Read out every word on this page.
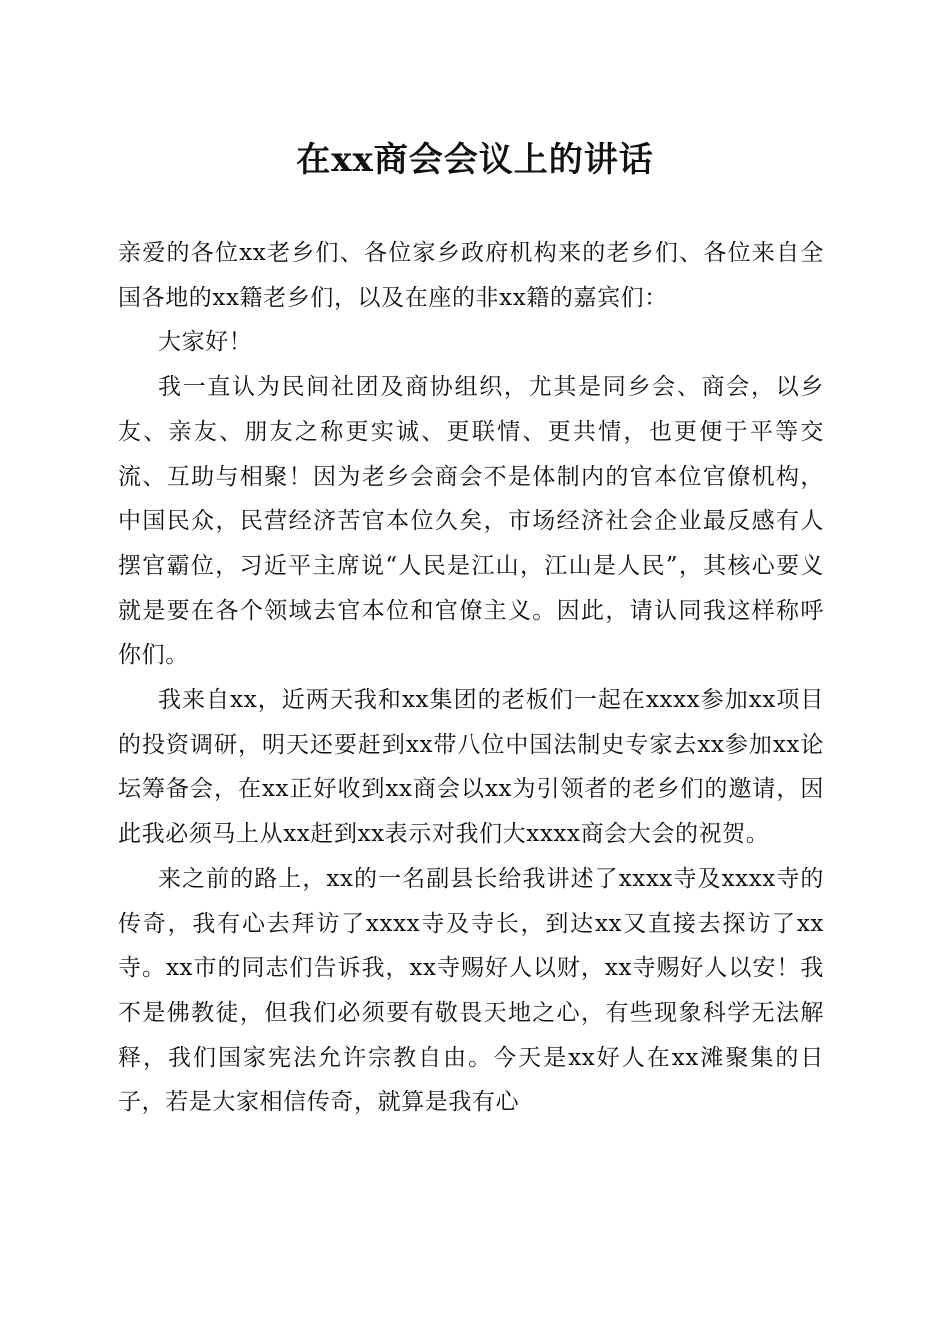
在xx商会会议上的讲话

亲爱的各位xx老乡们、各位家乡政府机构来的老乡们、各位来自全国各地的xx籍老乡们，以及在座的非xx籍的嘉宾们：

大家好！

我一直认为民间社团及商协组织，尤其是同乡会、商会，以乡友、亲友、朋友之称更实诚、更联情、更共情，也更便于平等交流、互助与相聚！因为老乡会商会不是体制内的官本位官僚机构，中国民众，民营经济苦官本位久矣，市场经济社会企业最反感有人摆官霸位，习近平主席说“人民是江山，江山是人民”，其核心要义就是要在各个领域去官本位和官僚主义。因此，请认同我这样称呼你们。

我来自xx，近两天我和xx集团的老板们一起在xxxx参加xx项目的投资调研，明天还要赶到xx带八位中国法制史专家去xx参加xx论坛筹备会，在xx正好收到xx商会以xx为引领者的老乡们的邀请，因此我必须马上从xx赶到xx表示对我们大xxxx商会大会的祝贺。

来之前的路上，xx的一名副县长给我讲述了xxxx寺及xxxx寺的传奇，我有心去拜访了xxxx寺及寺长，到达xx又直接去探访了xx寺。xx市的同志们告诉我，xx寺赐好人以财，xx寺赐好人以安！我不是佛教徒，但我们必须要有敬畏天地之心，有些现象科学无法解释，我们国家宪法允许宗教自由。今天是xx好人在xx滩聚集的日子，若是大家相信传奇，就算是我有心
